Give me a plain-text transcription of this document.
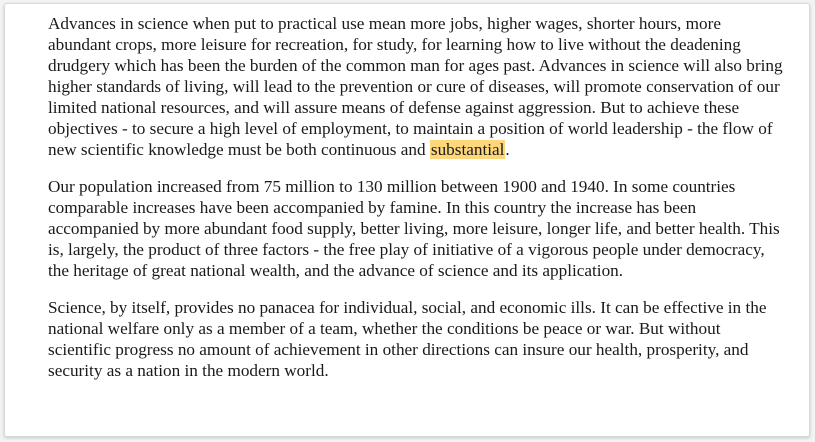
Advances in science when put to practical use mean more jobs, higher wages, shorter hours, more abundant crops, more leisure for recreation, for study, for learning how to live without the deadening drudgery which has been the burden of the common man for ages past. Advances in science will also bring higher standards of living, will lead to the prevention or cure of diseases, will promote conservation of our limited national resources, and will assure means of defense against aggression. But to achieve these objectives - to secure a high level of employment, to maintain a position of world leadership - the flow of new scientific knowledge must be both continuous and substantial.

Our population increased from 75 million to 130 million between 1900 and 1940. In some countries comparable increases have been accompanied by famine. In this country the increase has been accompanied by more abundant food supply, better living, more leisure, longer life, and better health. This is, largely, the product of three factors - the free play of initiative of a vigorous people under democracy, the heritage of great national wealth, and the advance of science and its application.

Science, by itself, provides no panacea for individual, social, and economic ills. It can be effective in the national welfare only as a member of a team, whether the conditions be peace or war. But without scientific progress no amount of achievement in other directions can insure our health, prosperity, and security as a nation in the modern world.
